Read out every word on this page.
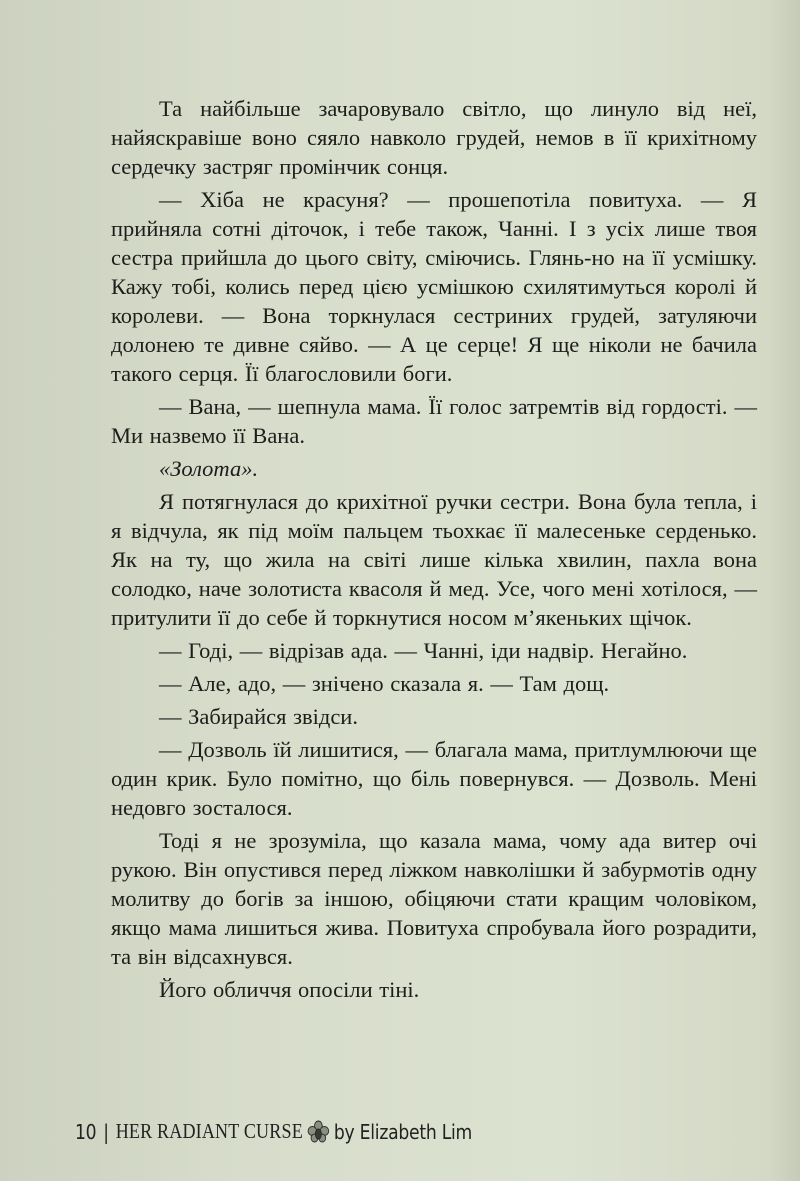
Та найбільше зачаровувало світло, що линуло від неї, найяскравіше воно сяяло навколо грудей, немов в її крихітному сердечку застряг промінчик сонця.

— Хіба не красуня? — прошепотіла повитуха. — Я прийняла сотні діточок, і тебе також, Чанні. І з усіх лише твоя сестра прийшла до цього світу, сміючись. Глянь-но на її усмішку. Кажу тобі, колись перед цією усмішкою схилятимуться королі й королеви. — Вона торкнулася сестриних грудей, затуляючи долонею те дивне сяйво. — А це серце! Я ще ніколи не бачила такого серця. Її благословили боги.

— Вана, — шепнула мама. Її голос затремтів від гордості. — Ми назвемо її Вана.

«Золота».

Я потягнулася до крихітної ручки сестри. Вона була тепла, і я відчула, як під моїм пальцем тьохкає її малесеньке серденько. Як на ту, що жила на світі лише кілька хвилин, пахла вона солодко, наче золотиста квасоля й мед. Усе, чого мені хотілося, — притулити її до себе й торкнутися носом м’якеньких щічок.

— Годі, — відрізав ада. — Чанні, іди надвір. Негайно.

— Але, адо, — знічено сказала я. — Там дощ.

— Забирайся звідси.

— Дозволь їй лишитися, — благала мама, притлумлюючи ще один крик. Було помітно, що біль повернувся. — Дозволь. Мені недовго зосталося.

Тоді я не зрозуміла, що казала мама, чому ада витер очі рукою. Він опустився перед ліжком навколішки й забурмотів одну молитву до богів за іншою, обіцяючи стати кращим чоловіком, якщо мама лишиться жива. Повитуха спробувала його розрадити, та він відсахнувся.

Його обличчя опосіли тіні.

10 | HER RADIANT CURSE by Elizabeth Lim
